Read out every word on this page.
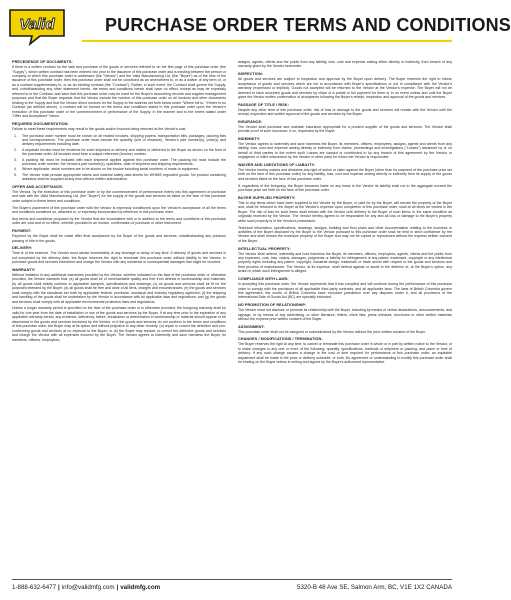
Valid	PURCHASE ORDER TERMS AND CONDITIONS
PRECEDENCE OF DOCUMENTS:
If there is a written contract for the sale and purchase of the goods or services referred to on the first page of this purchase order (the "Supply"), which written contract has been entered into prior to the issuance of this purchase order and is existing between the person or company to which this purchase order is addressed (the "Vendor") and the Valid Manufacturing Ltd. (the "Buyer") as of the time of the issuance of this purchase order, then this purchase order shall not be construed as an amendment to, or as a waiver of any term of, or as a contract supplementary to, or as an existing contract (the "Contract"). Rather, in such event, the Contract shall govern the Supply, and, notwithstanding any other statement herein, the terms and conditions herein shall have no effect, except as may be expressly referred to in the Contract, and save that this purchase order may be used for the Buyer's accounting records and supplier management purposes and that the Buyer requests that the Vendor include the number of this purchase order on all invoices and other documents relating to the Supply and that the Vendor direct invoices for the Supply to the address set forth below under "Where bill to." If there is no Contract (as defined above), a contract will be formed on the terms and conditions stated in this purchase order upon the Vendor's execution of this purchase order or the commencement of performance of the Supply, in the manner and to the extent stated under "Offer and Acceptance" below.
REQUIRED DOCUMENTATION:
Failure to meet these requirements may result in the goods and/or invoices being returned at the Vendor's cost.
1. The purchase order number must be shown on all related invoices, shipping papers, transportation bills, packages, packing lists and correspondence. The purchase order must include the quantity (unit of measure), Vendor's part number(s), price(s) and delivery requirements including date.
2. A separate invoice must be rendered for each shipment or delivery and mailed or delivered to the Buyer as shown on the front of the purchase order. All invoices must bear a unique reference (invoice) number.
3. A packing list must be included with each shipment applied against this purchase order. The packing list must include the purchase order number, the Vendor's part number(s), quantities, date of shipment and shipping requirements.
4. Where applicable, serial numbers are to be shown on the invoice including serial numbers of made-in equipment.
5. The Vendor shall provide appropriate labels and material safety data sheets for WHMIS regulated goods. No product containing asbestos shall be supplied at any time without written authorization.
OFFER AND ACCEPTANCE:
The Vendor, by the execution of this purchase order or by the commencement of performance enters into this agreement of purchase and sale with the Valid Manufacturing Ltd. (the "Buyer") for the supply of the goods and services as listed on the face of this purchase order subject to these terms and conditions.
The Buyer's placement of this purchase order with the Vendor is expressly conditioned upon the Vendor's acceptance of all the terms and conditions contained on, attached to, or expressly incorporated by reference in this purchase order.
Any terms and conditions proposed by the Vendor that are inconsistent with or in addition to the terms and conditions of this purchase order are void and of no effect, whether provided in an invoice, confirmation of purchase or other instrument.
PAYMENT:
Payment by the Buyer shall be made after final acceptance by the Buyer of the goods and services, notwithstanding any previous passing of title in the goods.
DELIVERY:
Time is of the essence. The Vendor must advise immediately of any shortage or delay of any kind. If delivery of goods and services is not completed by the delivery date, the Buyer reserves the right to terminate this purchase order without liability to the Vendor, to purchase goods and services elsewhere and charge the Vendor with any incidental or consequential damages that might be incurred.
WARRANTY:
Without limitation to any additional warranties provided by the Vendor, whether indicated on the face of the purchase order or otherwise provided, the Vendor warrants that: (a) all goods shall be of merchantable quality and free from defects in workmanship and materials; (b) all goods shall strictly conform to applicable samples, specifications and drawings; (c) all goods and services shall be fit for the purposes intended by the Buyer; (d) all goods shall be free and clear of all liens, charges and encumbrances; (e) the goods and services shall comply with the standards set forth by applicable federal, provincial, municipal and industry regulatory agencies; (f) the shipping and handling of the goods shall be undertaken by the Vendor in accordance with all applicable laws and regulations; and (g) the goods and services shall comply with all applicable environmental protection laws and regulations.
Unless a longer warranty period is specified on the face of the purchase order or is otherwise provided, the foregoing warranty shall be valid for one year from the date of installation or use of the goods and services by the Buyer. If at any time prior to the expiration of any applicable warranty period, any evidence, deficiency, failure, breakdown or deterioration in workmanship or material should appear or be discovered in the goods and services furnished by the Vendor, or if the goods and services do not conform to the terms and conditions of this purchase order, the Buyer may at its option and without prejudice to any other remedy: (a) repair or correct the defective and non-conforming goods and services at no expense to the Buyer; or (b) the Buyer may replace or correct the defective goods and services and charge the Vendor with all expenses incurred by the Buyer. The Vendor agrees to indemnify and save harmless the Buyer, its members, officers, employees,
assigns, agents, clients and the public from any liability, loss, cost and expense arising either directly or indirectly, from breach of any warranty given by the Vendor hereunder.
INSPECTION:
All goods and services are subject to inspection and approval by the Buyer upon delivery. The Buyer reserves the right to refuse acceptance of goods and services which are not in accordance with Buyer's specifications or not in compliance with the Vendor's warranty (expressed or implied). Goods not accepted will be returned to the Vendor at the Vendor's expense. The Buyer will not be deemed to have accepted goods and services by virtue of a partial or full payment for them or in no event unless and until the Buyer gives the Vendor written confirmation of acceptance following the Buyer's receipt, inspection and approval of the goods and services.
PASSAGE OF TITLE / RISK:
Despite any other term of this purchase order, risk of loss or damage to the goods and services will remain with the Vendor until the receipt, inspection and written approval of the goods and services by the Buyer.
INSURANCE:
The Vendor shall purchase and maintain insurance appropriate for a prudent supplier of the goods and services. The Vendor shall provide proof of such insurance, if so, requested by the Buyer.
INDEMNITY:
The Vendor agrees to indemnify and save harmless the Buyer, its members, officers, employees, assigns, agents and clients from any liability, loss, cost and expense arising directly or indirectly from claims, proceedings and investigations ("Losses") advanced by or on behalf of third parties to the extent such Losses are caused or contributed to by any breach of this agreement by the Vendor or negligence or wilful misconduct by the Vendor or other party for whom the Vendor is responsible.
WAIVER AND LIMITATIONS OF LIABILITY:
The Vendor hereby waives and disclaims any right of action or claim against the Buyer (other than for payment of the purchase price set forth on the face of this purchase order) for any liability, loss, cost and expense arising directly or indirectly from its supply of the goods and services listed on the face of this purchase order.
If, regardless of the foregoing, the Buyer becomes liable on any basis to the Vendor its liability shall not in the aggregate exceed the purchase price set forth on the face of this purchase order.
BUYER SUPPLIED PROPERTY:
Title to any items which have been supplied to the Vendor by the Buyer, or paid for by the Buyer, will remain the property of the Buyer and, shall be returned to the Buyer at the Vendor's expense upon completion of this purchase order, shall at all times be vested in the Buyer. The risk of loss for such items shall remain with the Vendor until delivery to the Buyer of such items, in the same condition as originally received by the Vendor. The Vendor hereby agrees to be responsible for any and all loss or damage to the Buyer's property while such property is in the Vendor's possession.
Technical information, specifications, drawings, designs, building and floor plans and other documentation relating to the business or activities of the Buyer disclosed by the Buyer to the Vendor pursuant to this purchase order shall be held in strict confidence by the Vendor and shall remain the exclusive property of the Buyer and may not be copied or reproduced without the express written consent of the Buyer.
INTELLECTUAL PROPERTY:
The Vendor shall defend, indemnify and hold harmless the Buyer, its members, officers, employees, agents, clients and the public from any expenses, cost, loss, claims, damages, judgments or liability for infringement of any patent, trademark, copyright or any intellectual property rights including any patent, copyright, industrial design, trademark or trade secret with respect to the goods and services and their process of manufacture. The Vendor, at its expense, shall defend against or assist in the defence of, at the Buyer's option, any action in which such infringement is alleged.
COMPLIANCE WITH LAWS:
In accepting this purchase order, the Vendor represents that it has complied and will continue during the performance of this purchase order to comply with the provisions of all applicable third-party contracts, and all applicable laws. The laws of British Columbia govern this agreement, the courts of British Columbia have exclusive jurisdiction over any disputes under it, and all provisions of the International Sale of Goods Act (BC) are specially excluded.
NO PROMOTION OF RELATIONSHIP:
The Vendor must not disclose or promote its relationship with the Buyer, including by means of verbal declarations, announcements, and signage, or by means of any advertising, or other literature, letters, client lists, press releases, brochures or other written materials without the express prior written consent of the Buyer.
ASSIGNMENT:
This purchase order shall not be assigned or subcontracted by the Vendor without the prior written consent of the Buyer.
CHANGES / MODIFICATIONS / TERMINATION:
The Buyer reserves the right at any time, to cancel or terminate this purchase order in whole or in part by written notice to the Vendor, or to make changes in any one or more of the following: quantity, specifications, methods of shipment or packing, and place or time of delivery. If any such change causes a change in the cost or time required for performance of this purchase order, an equitable adjustment shall be made in the price or delivery schedule, or both. No agreement or understanding to modify this purchase order shall be binding on the Buyer unless in writing and signed by the Buyer's authorized representative.
1-888-632-6477 | info@validmfg.com | validmfg.com	5320-B 48 Ave SE, Salmon Arm, BC, V1E 1X2 CANADA
